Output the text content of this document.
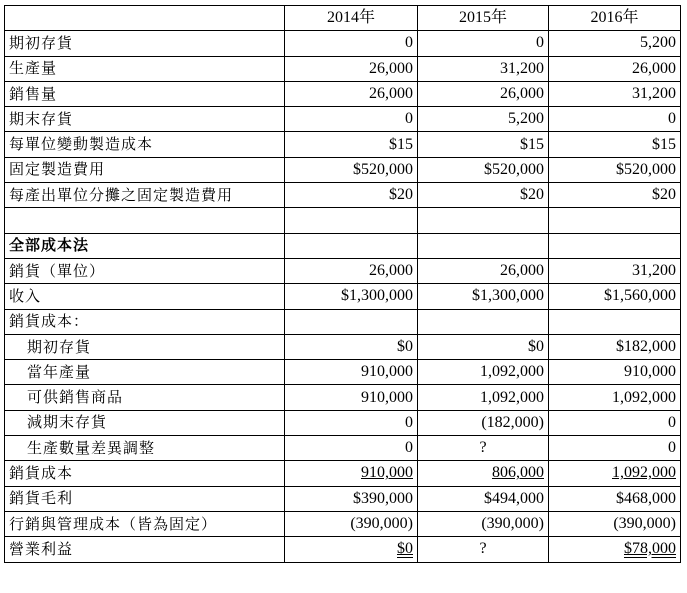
	2014年	2015年	2016年
期初存貨	0	0	5,200
生產量	26,000	31,200	26,000
銷售量	26,000	26,000	31,200
期末存貨	0	5,200	0
每單位變動製造成本	$15	$15	$15
固定製造費用	$520,000	$520,000	$520,000
每產出單位分攤之固定製造費用	$20	$20	$20

全部成本法			
銷貨（單位）	26,000	26,000	31,200
收入	$1,300,000	$1,300,000	$1,560,000
銷貨成本：			
期初存貨	$0	$0	$182,000
當年產量	910,000	1,092,000	910,000
可供銷售商品	910,000	1,092,000	1,092,000
減期末存貨	0	(182,000)	0
生產數量差異調整	0	?	0
銷貨成本	910,000	806,000	1,092,000
銷貨毛利	$390,000	$494,000	$468,000
行銷與管理成本（皆為固定）	(390,000)	(390,000)	(390,000)
營業利益	$0	?	$78,000
